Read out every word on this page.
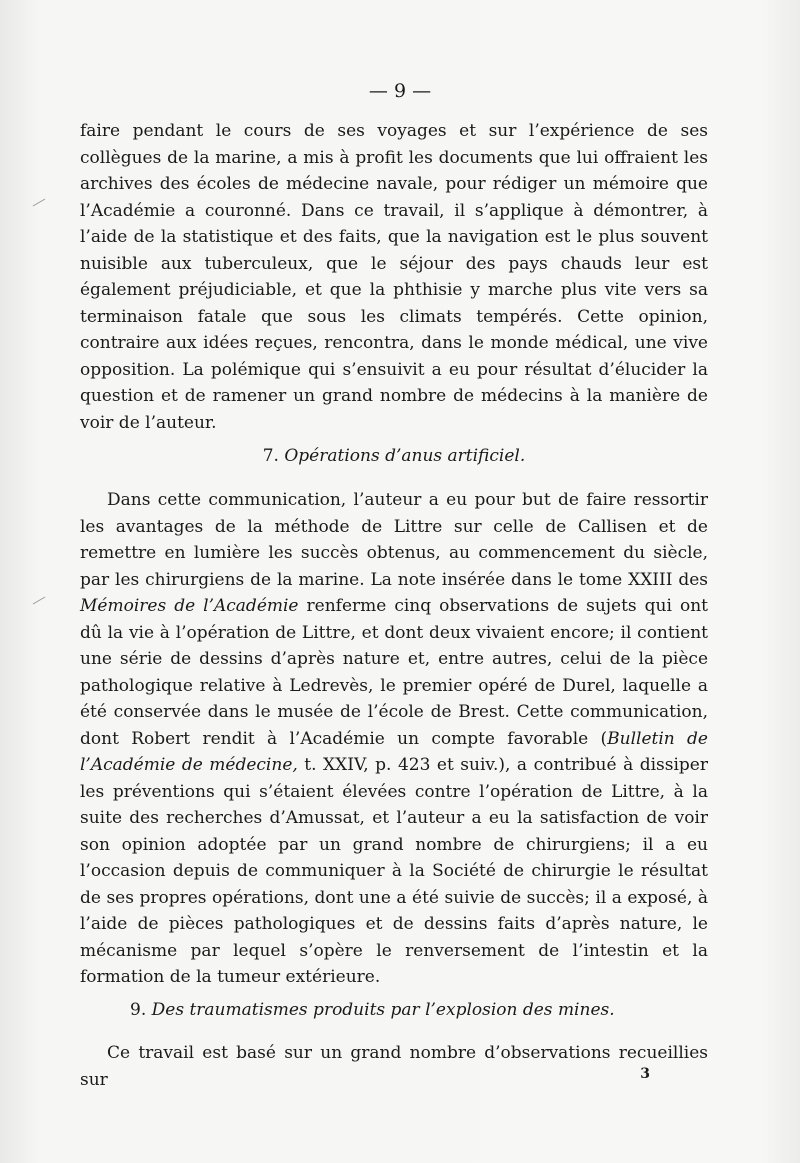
— 9 —

faire pendant le cours de ses voyages et sur l’expérience de ses collègues de la marine, a mis à profit les documents que lui offraient les archives des écoles de médecine navale, pour rédiger un mémoire que l’Académie a couronné. Dans ce travail, il s’applique à démontrer, à l’aide de la statistique et des faits, que la navigation est le plus souvent nuisible aux tuberculeux, que le séjour des pays chauds leur est également préjudiciable, et que la phthisie y marche plus vite vers sa terminaison fatale que sous les climats tempérés. Cette opinion, contraire aux idées reçues, rencontra, dans le monde médical, une vive opposition. La polémique qui s’ensuivit a eu pour résultat d’élucider la question et de ramener un grand nombre de médecins à la manière de voir de l’auteur.

7. Opérations d’anus artificiel.

Dans cette communication, l’auteur a eu pour but de faire ressortir les avantages de la méthode de Littre sur celle de Callisen et de remettre en lumière les succès obtenus, au commencement du siècle, par les chirurgiens de la marine. La note insérée dans le tome XXIII des Mémoires de l’Académie renferme cinq observations de sujets qui ont dû la vie à l’opération de Littre, et dont deux vivaient encore; il contient une série de dessins d’après nature et, entre autres, celui de la pièce pathologique relative à Ledrevès, le premier opéré de Durel, laquelle a été conservée dans le musée de l’école de Brest. Cette communication, dont Robert rendit à l’Académie un compte favorable (Bulletin de l’Académie de médecine, t. XXIV, p. 423 et suiv.), a contribué à dissiper les préventions qui s’étaient élevées contre l’opération de Littre, à la suite des recherches d’Amussat, et l’auteur a eu la satisfaction de voir son opinion adoptée par un grand nombre de chirurgiens; il a eu l’occasion depuis de communiquer à la Société de chirurgie le résultat de ses propres opérations, dont une a été suivie de succès; il a exposé, à l’aide de pièces pathologiques et de dessins faits d’après nature, le mécanisme par lequel s’opère le renversement de l’intestin et la formation de la tumeur extérieure.

9. Des traumatismes produits par l’explosion des mines.

Ce travail est basé sur un grand nombre d’observations recueillies sur	3
